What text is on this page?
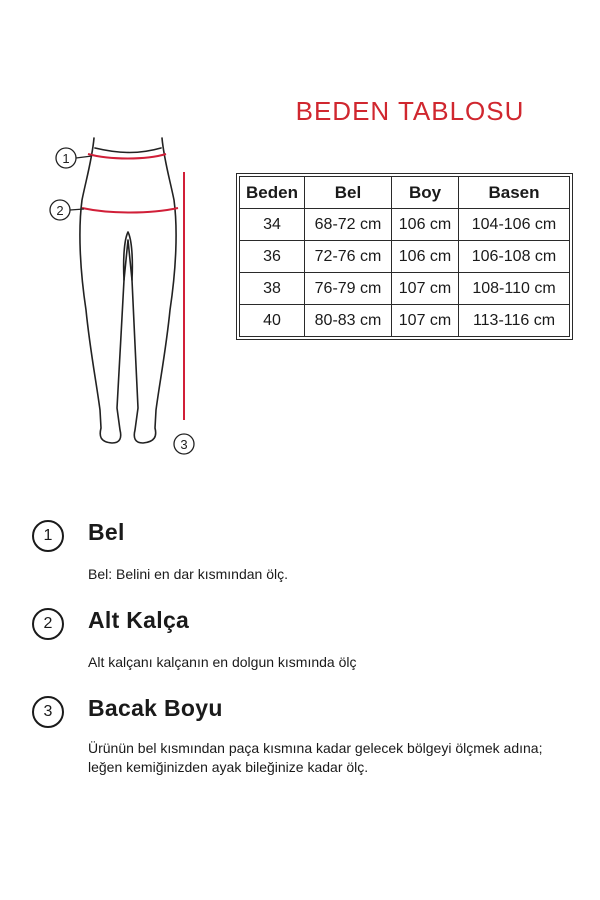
BEDEN TABLOSU
1
2
3
Beden	Bel	Boy	Basen
34	68-72 cm	106 cm	104-106 cm
36	72-76 cm	106 cm	106-108 cm
38	76-79 cm	107 cm	108-110 cm
40	80-83 cm	107 cm	113-116 cm
1	Bel
Bel: Belini en dar kısmından ölç.
2	Alt Kalça
Alt kalçanı kalçanın en dolgun kısmında ölç
3	Bacak Boyu
Ürünün bel kısmından paça kısmına kadar gelecek bölgeyi ölçmek adına; leğen kemiğinizden ayak bileğinize kadar ölç.
